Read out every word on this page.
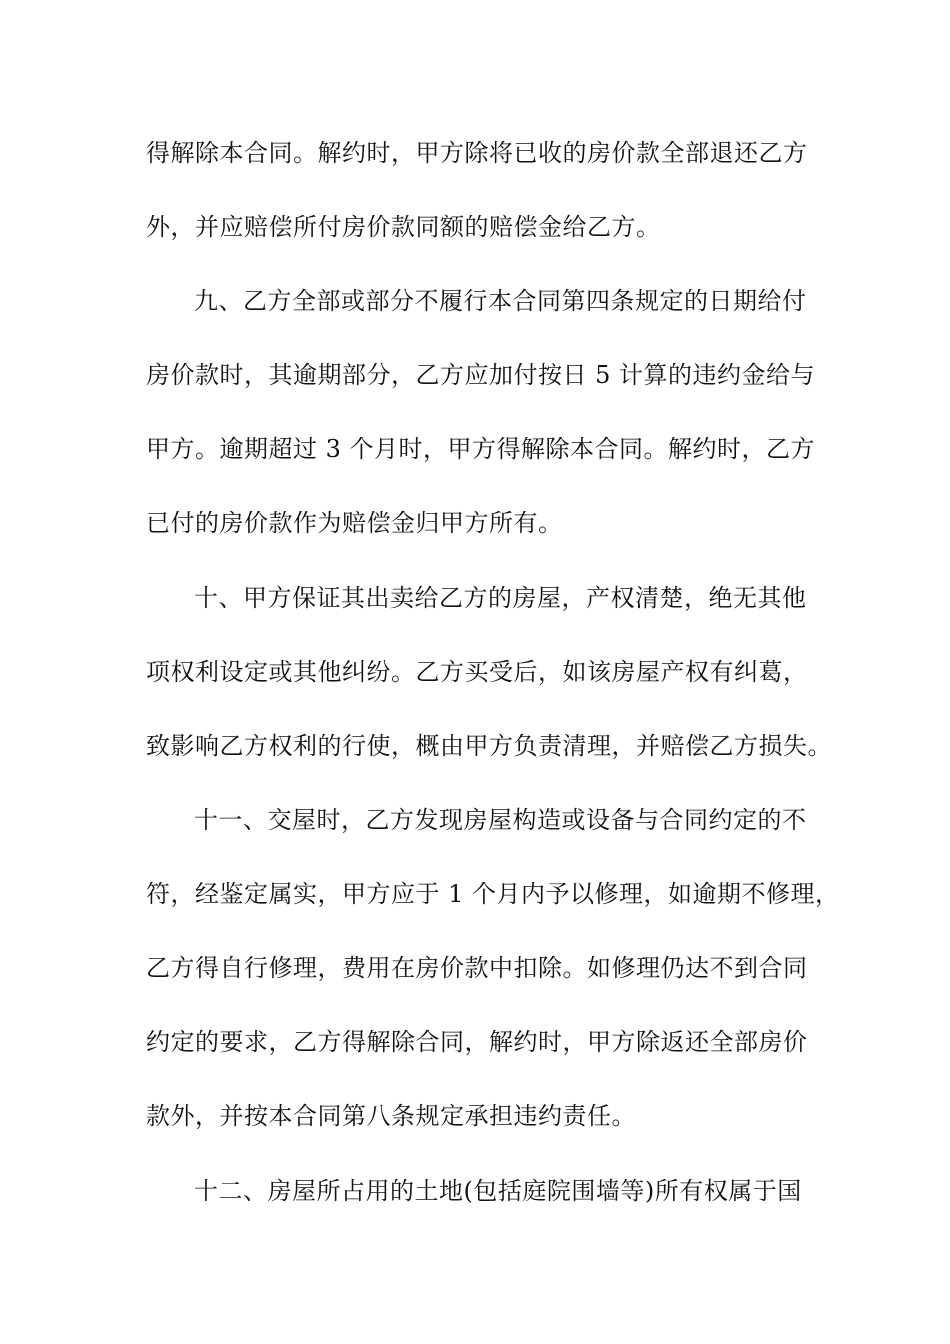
得解除本合同。解约时，甲方除将已收的房价款全部退还乙方
外，并应赔偿所付房价款同额的赔偿金给乙方。
九、乙方全部或部分不履行本合同第四条规定的日期给付
房价款时，其逾期部分，乙方应加付按日 5 计算的违约金给与
甲方。逾期超过 3 个月时，甲方得解除本合同。解约时，乙方
已付的房价款作为赔偿金归甲方所有。
十、甲方保证其出卖给乙方的房屋，产权清楚，绝无其他
项权利设定或其他纠纷。乙方买受后，如该房屋产权有纠葛，
致影响乙方权利的行使，概由甲方负责清理，并赔偿乙方损失。
十一、交屋时，乙方发现房屋构造或设备与合同约定的不
符，经鉴定属实，甲方应于 1 个月内予以修理，如逾期不修理，
乙方得自行修理，费用在房价款中扣除。如修理仍达不到合同
约定的要求，乙方得解除合同，解约时，甲方除返还全部房价
款外，并按本合同第八条规定承担违约责任。
十二、房屋所占用的土地(包括庭院围墙等)所有权属于国
